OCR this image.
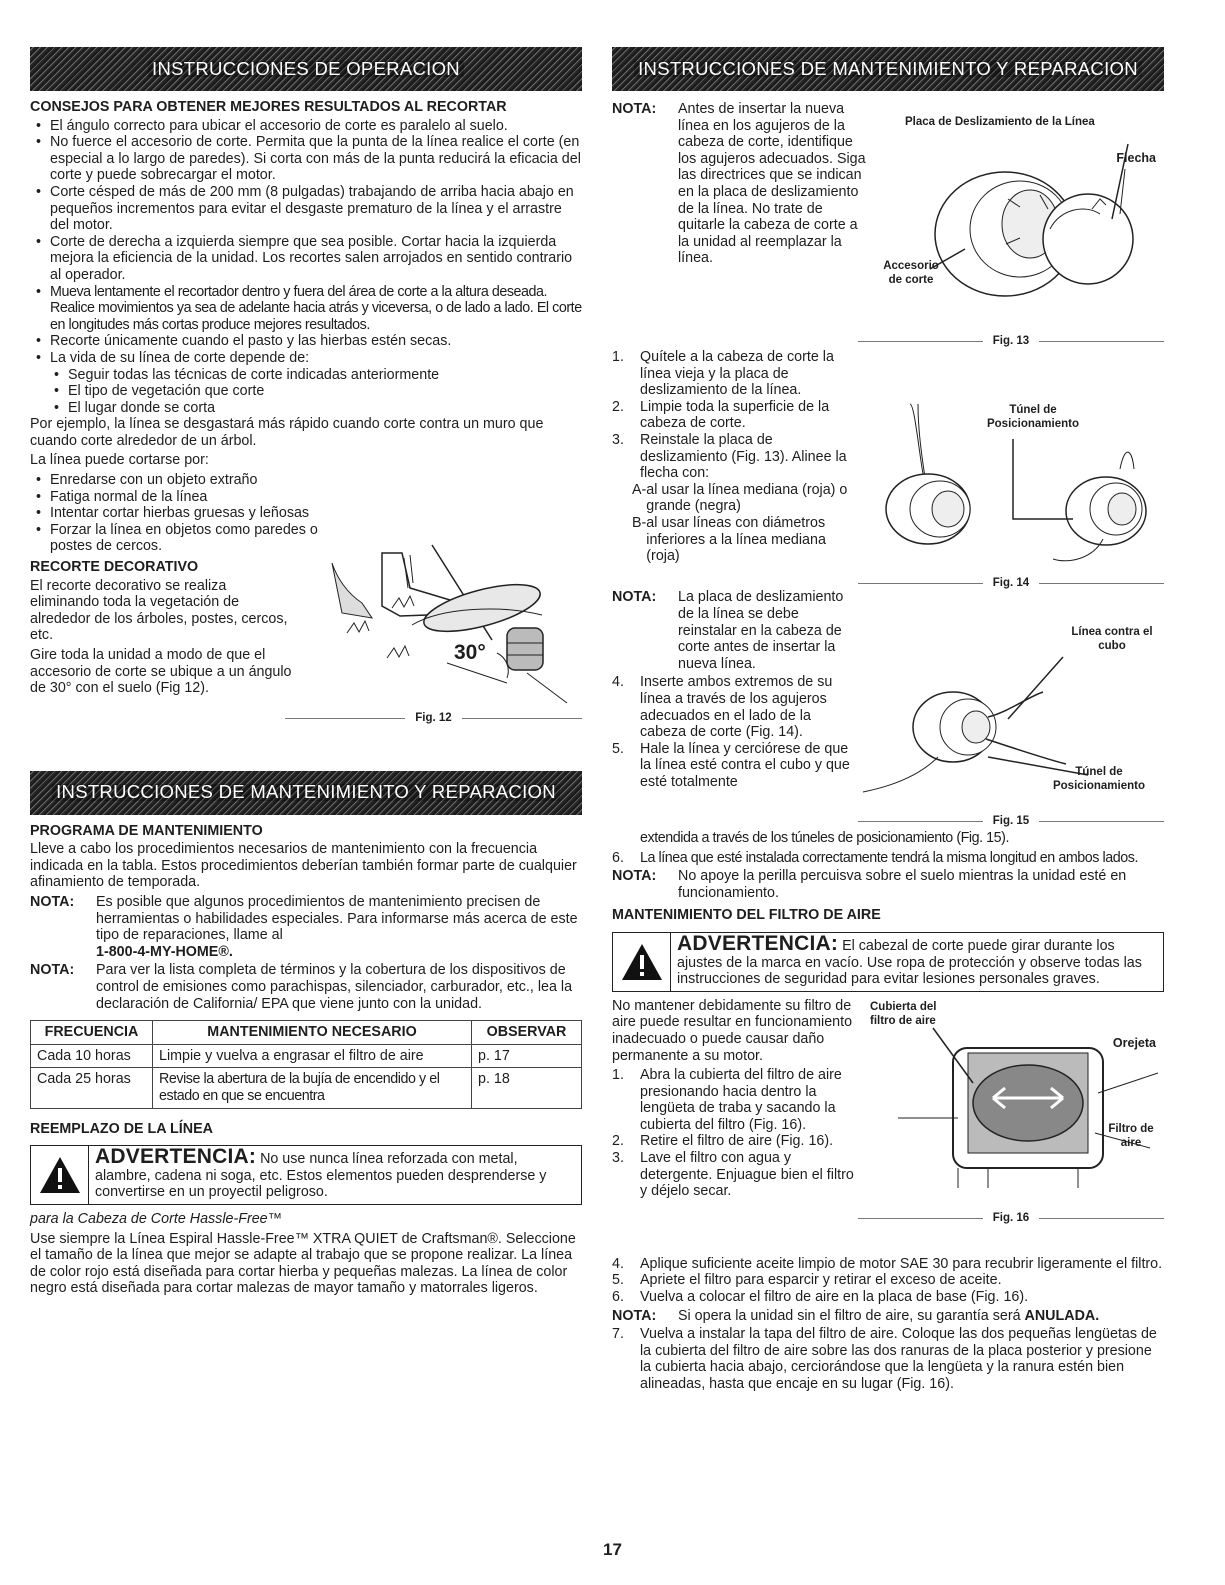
INSTRUCCIONES DE OPERACION
CONSEJOS PARA OBTENER MEJORES RESULTADOS AL RECORTAR
• El ángulo correcto para ubicar el accesorio de corte es paralelo al suelo.
• No fuerce el accesorio de corte. Permita que la punta de la línea realice el corte (en especial a lo largo de paredes). Si corta con más de la punta reducirá la eficacia del corte y puede sobrecargar el motor.
• Corte césped de más de 200 mm (8 pulgadas) trabajando de arriba hacia abajo en pequeños incrementos para evitar el desgaste prematuro de la línea y el arrastre del motor.
• Corte de derecha a izquierda siempre que sea posible. Cortar hacia la izquierda mejora la eficiencia de la unidad. Los recortes salen arrojados en sentido contrario al operador.
• Mueva lentamente el recortador dentro y fuera del área de corte a la altura deseada. Realice movimientos ya sea de adelante hacia atrás y viceversa, o de lado a lado. El corte en longitudes más cortas produce mejores resultados.
• Recorte únicamente cuando el pasto y las hierbas estén secas.
• La vida de su línea de corte depende de:
• Seguir todas las técnicas de corte indicadas anteriormente
• El tipo de vegetación que corte
• El lugar donde se corta

Por ejemplo, la línea se desgastará más rápido cuando corte contra un muro que cuando corte alrededor de un árbol.

La línea puede cortarse por:

• Enredarse con un objeto extraño
• Fatiga normal de la línea
• Intentar cortar hierbas gruesas y leñosas
• Forzar la línea en objetos como paredes o postes de cercos.
RECORTE DECORATIVO

El recorte decorativo se realiza eliminando toda la vegetación de alrededor de los árboles, postes, cercos, etc.

Gire toda la unidad a modo de que el accesorio de corte se ubique a un ángulo de 30° con el suelo (Fig 12).

30°
Fig. 12
INSTRUCCIONES DE MANTENIMIENTO Y REPARACION
PROGRAMA DE MANTENIMIENTO

Lleve a cabo los procedimientos necesarios de mantenimiento con la frecuencia indicada en la tabla. Estos procedimientos deberían también formar parte de cualquier afinamiento de temporada.

NOTA:	Es posible que algunos procedimientos de mantenimiento precisen de herramientas o habilidades especiales. Para informarse más acerca de este tipo de reparaciones, llame al
1-800-4-MY-HOME®.
NOTA:	Para ver la lista completa de términos y la cobertura de los dispositivos de control de emisiones como parachispas, silenciador, carburador, etc., lea la declaración de California/ EPA que viene junto con la unidad.
FRECUENCIA	MANTENIMIENTO NECESARIO	OBSERVAR
Cada 10 horas	Limpie y vuelva a engrasar el filtro de aire	p. 17
Cada 25 horas	Revise la abertura de la bujía de encendido y el estado en que se encuentra	p. 18
REEMPLAZO DE LA LÍNEA
ADVERTENCIA: No use nunca línea reforzada con metal, alambre, cadena ni soga, etc. Estos elementos pueden desprenderse y convertirse en un proyectil peligroso.

para la Cabeza de Corte Hassle-Free™

Use siempre la Línea Espiral Hassle-Free™ XTRA QUIET de Craftsman®. Seleccione el tamaño de la línea que mejor se adapte al trabajo que se propone realizar. La línea de color rojo está diseñada para cortar hierba y pequeñas malezas. La línea de color negro está diseñada para cortar malezas de mayor tamaño y matorrales ligeros.

INSTRUCCIONES DE MANTENIMIENTO Y REPARACION
NOTA:	Antes de insertar la nueva línea en los agujeros de la cabeza de corte, identifique los agujeros adecuados. Siga las directrices que se indican en la placa de deslizamiento de la línea. No trate de quitarle la cabeza de corte a la unidad al reemplazar la línea.
Placa de Deslizamiento de la Línea
Flecha
Accesorio de corte
1.	Quítele a la cabeza de corte la línea vieja y la placa de deslizamiento de la línea.
Fig. 13
2.	Limpie toda la superficie de la cabeza de corte.
3.	Reinstale la placa de deslizamiento (Fig. 13). Alinee la flecha con:
A- al usar la línea mediana (roja) o grande (negra)
B- al usar líneas con diámetros inferiores a la línea mediana (roja)
Túnel de Posicionamiento
Fig. 14
NOTA:	La placa de deslizamiento de la línea se debe reinstalar en la cabeza de corte antes de insertar la nueva línea.
4.	Inserte ambos extremos de su línea a través de los agujeros adecuados en el lado de la cabeza de corte (Fig. 14).
5.	Hale la línea y cerciórese de que la línea esté contra el cubo y que esté totalmente
Línea contra el cubo
Túnel de Posicionamiento
Fig. 15

extendida a través de los túneles de posicionamiento (Fig. 15).

6.	La línea que esté instalada correctamente tendrá la misma longitud en ambos lados.
NOTA:	No apoye la perilla percuisva sobre el suelo mientras la unidad esté en funcionamiento.
MANTENIMIENTO DEL FILTRO DE AIRE
ADVERTENCIA: El cabezal de corte puede girar durante los ajustes de la marca en vacío. Use ropa de protección y observe todas las instrucciones de seguridad para evitar lesiones personales graves.

No mantener debidamente su filtro de aire puede resultar en funcionamiento inadecuado o puede causar daño permanente a su motor.

1.	Abra la cubierta del filtro de aire presionando hacia dentro la lengüeta de traba y sacando la cubierta del filtro (Fig. 16).
2.	Retire el filtro de aire (Fig. 16).
3.	Lave el filtro con agua y detergente. Enjuague bien el filtro y déjelo secar.
Cubierta del filtro de aire
Orejeta
Filtro de aire
Fig. 16
4.	Aplique suficiente aceite limpio de motor SAE 30 para recubrir ligeramente el filtro.
5.	Apriete el filtro para esparcir y retirar el exceso de aceite.
6.	Vuelva a colocar el filtro de aire en la placa de base (Fig. 16).
NOTA:	Si opera la unidad sin el filtro de aire, su garantía será ANULADA.
7.	Vuelva a instalar la tapa del filtro de aire. Coloque las dos pequeñas lengüetas de la cubierta del filtro de aire sobre las dos ranuras de la placa posterior y presione la cubierta hacia abajo, cerciorándose que la lengüeta y la ranura estén bien alineadas, hasta que encaje en su lugar (Fig. 16).
17
